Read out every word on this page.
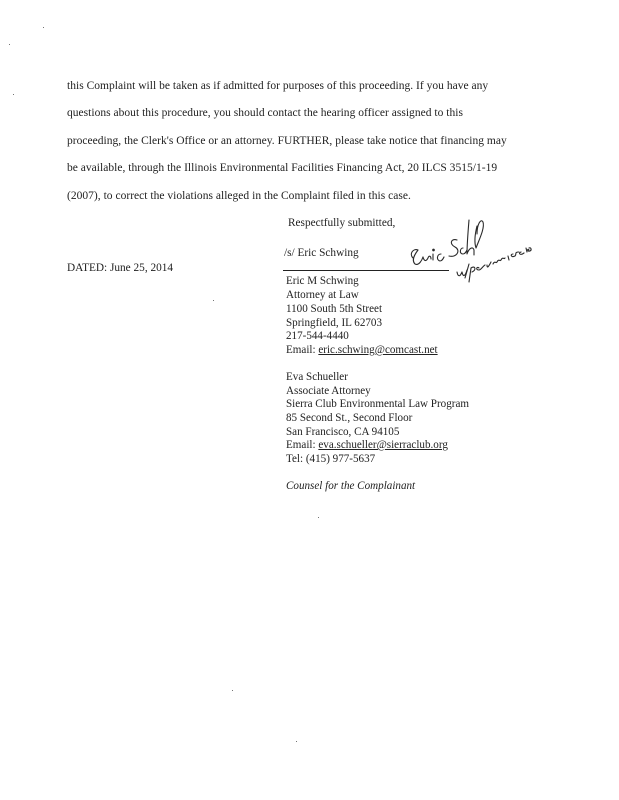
this Complaint will be taken as if admitted for purposes of this proceeding. If you have any
questions about this procedure, you should contact the hearing officer assigned to this
proceeding, the Clerk's Office or an attorney. FURTHER, please take notice that financing may
be available, through the Illinois Environmental Facilities Financing Act, 20 ILCS 3515/1-19
(2007), to correct the violations alleged in the Complaint filed in this case.
Respectfully submitted,
/s/ Eric Schwing
DATED: June 25, 2014
Eric M Schwing
Attorney at Law
1100 South 5th Street
Springfield, IL 62703
217-544-4440
Email: eric.schwing@comcast.net
Eva Schueller
Associate Attorney
Sierra Club Environmental Law Program
85 Second St., Second Floor
San Francisco, CA 94105
Email: eva.schueller@sierraclub.org
Tel: (415) 977-5637
Counsel for the Complainant
